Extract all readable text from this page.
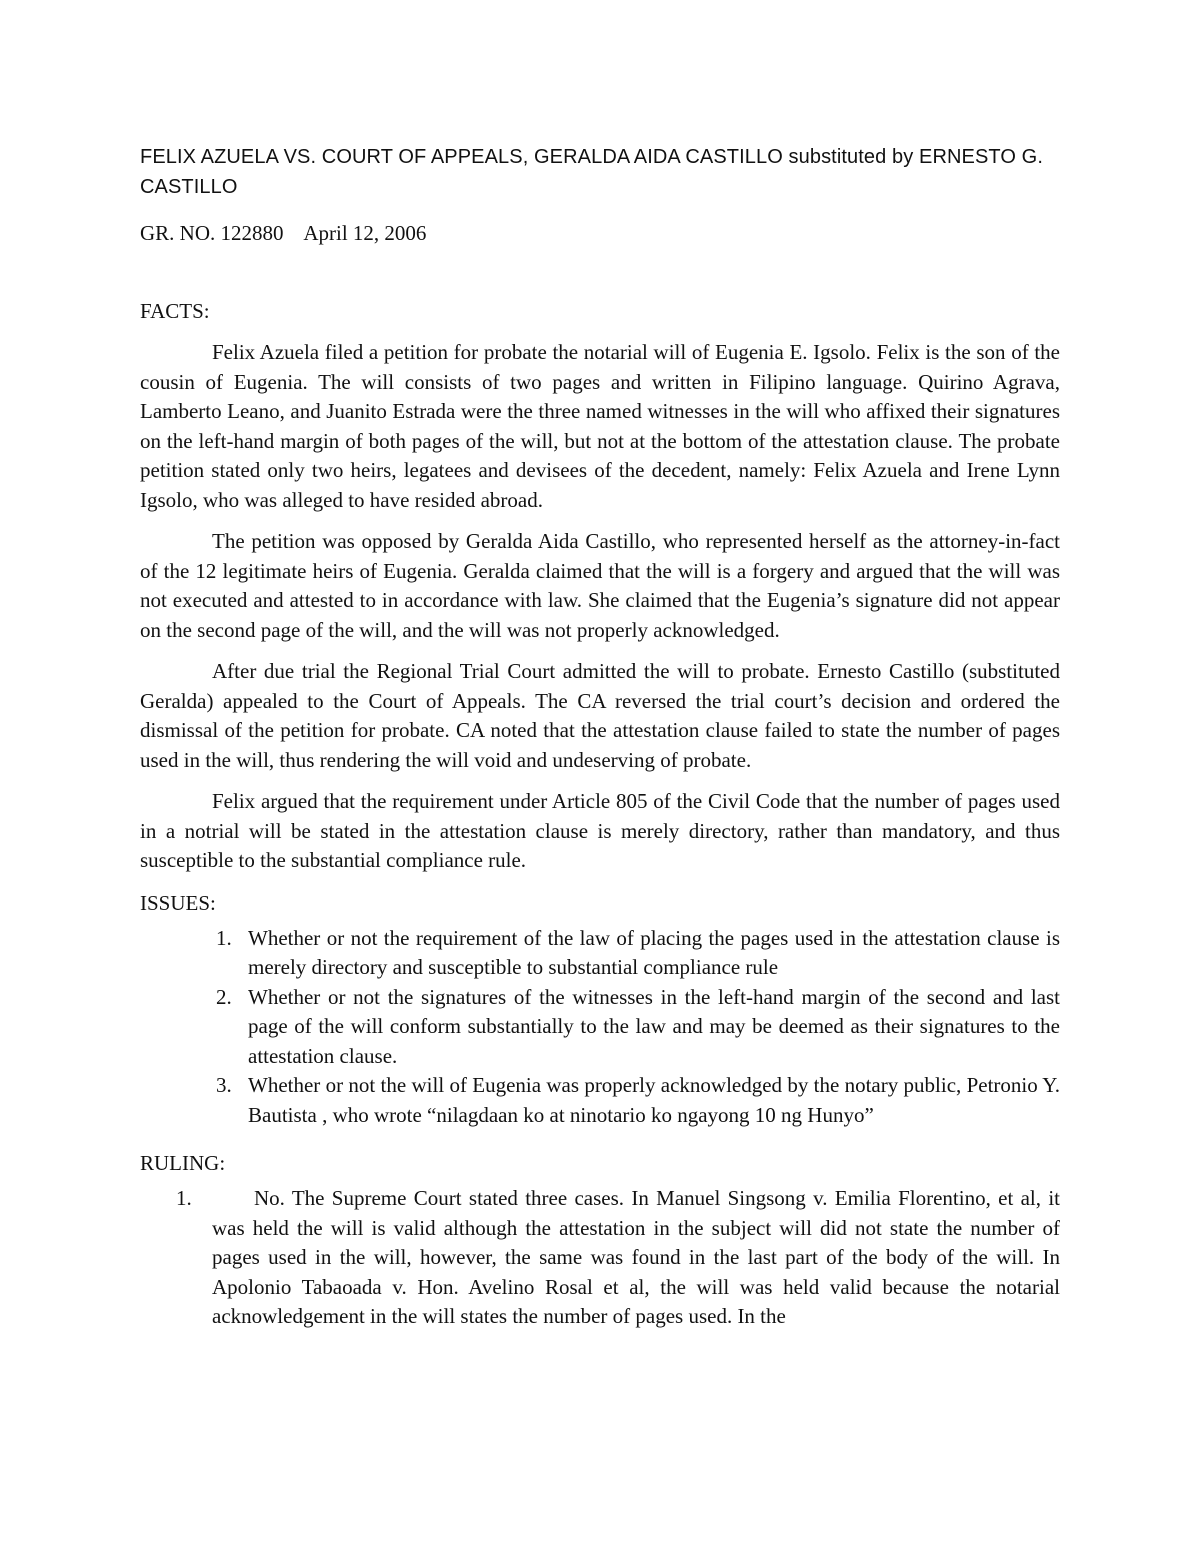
FELIX AZUELA VS. COURT OF APPEALS, GERALDA AIDA CASTILLO substituted by ERNESTO G. CASTILLO

GR. NO. 122880    April 12, 2006

FACTS:

Felix Azuela filed a petition for probate the notarial will of Eugenia E. Igsolo. Felix is the son of the cousin of Eugenia. The will consists of two pages and written in Filipino language. Quirino Agrava, Lamberto Leano, and Juanito Estrada were the three named witnesses in the will who affixed their signatures on the left-hand margin of both pages of the will, but not at the bottom of the attestation clause. The probate petition stated only two heirs, legatees and devisees of the decedent, namely: Felix Azuela and Irene Lynn Igsolo, who was alleged to have resided abroad.

The petition was opposed by Geralda Aida Castillo, who represented herself as the attorney-in-fact of the 12 legitimate heirs of Eugenia. Geralda claimed that the will is a forgery and argued that the will was not executed and attested to in accordance with law. She claimed that the Eugenia’s signature did not appear on the second page of the will, and the will was not properly acknowledged.

After due trial the Regional Trial Court admitted the will to probate. Ernesto Castillo (substituted Geralda) appealed to the Court of Appeals. The CA reversed the trial court’s decision and ordered the dismissal of the petition for probate. CA noted that the attestation clause failed to state the number of pages used in the will, thus rendering the will void and undeserving of probate.

Felix argued that the requirement under Article 805 of the Civil Code that the number of pages used in a notrial will be stated in the attestation clause is merely directory, rather than mandatory, and thus susceptible to the substantial compliance rule.

ISSUES:

1. Whether or not the requirement of the law of placing the pages used in the attestation clause is merely directory and susceptible to substantial compliance rule
2. Whether or not the signatures of the witnesses in the left-hand margin of the second and last page of the will conform substantially to the law and may be deemed as their signatures to the attestation clause.
3. Whether or not the will of Eugenia was properly acknowledged by the notary public, Petronio Y. Bautista , who wrote “nilagdaan ko at ninotario ko ngayong 10 ng Hunyo”

RULING:

1.	No. The Supreme Court stated three cases. In Manuel Singsong v. Emilia Florentino, et al, it was held the will is valid although the attestation in the subject will did not state the number of pages used in the will, however, the same was found in the last part of the body of the will. In Apolonio Tabaoada v. Hon. Avelino Rosal et al, the will was held valid because the notarial acknowledgement in the will states the number of pages used. In the
